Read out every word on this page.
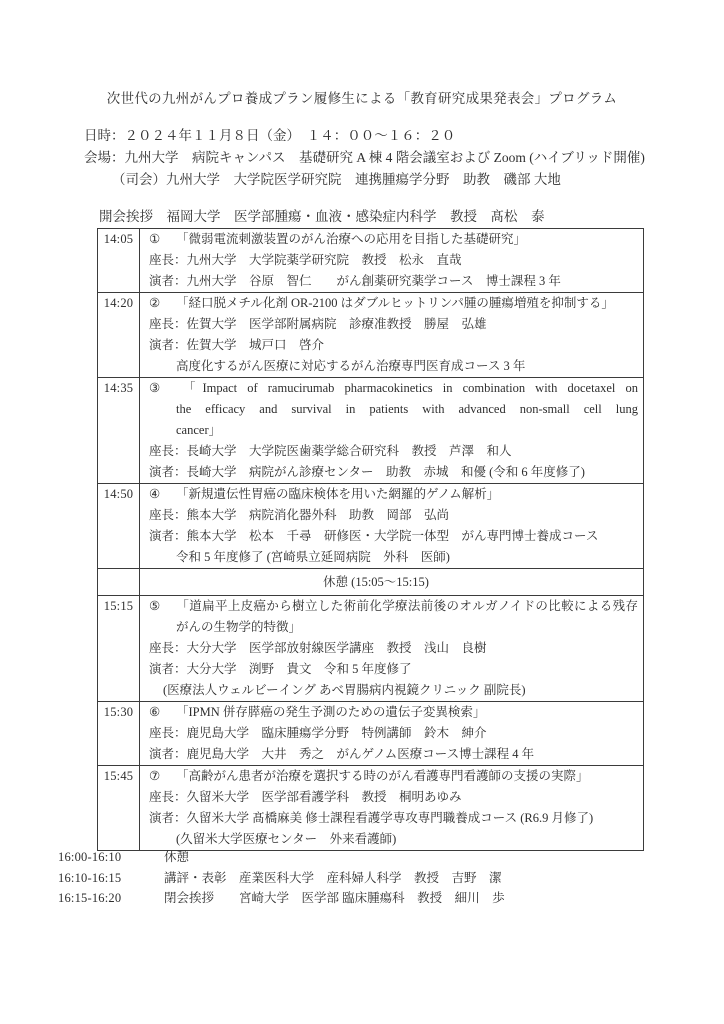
次世代の九州がんプロ養成プラン履修生による「教育研究成果発表会」プログラム
日時：２０２４年１１月８日（金）　１４：００～１６：２０
会場：九州大学　病院キャンパス　基礎研究 A 棟 4 階会議室および Zoom (ハイブリッド開催)
（司会）九州大学　大学院医学研究院　連携腫瘍学分野　助教　磯部 大地
開会挨拶　福岡大学　医学部腫瘍・血液・感染症内科学　教授　髙松　泰
14:05	① 「微弱電流刺激装置のがん治療への応用を目指した基礎研究」
座長：九州大学　大学院薬学研究院　教授　松永　直哉
演者：九州大学　谷原　智仁　　がん創薬研究薬学コース　博士課程 3 年
14:20	② 「経口脱メチル化剤 OR-2100 はダブルヒットリンパ腫の腫瘍増殖を抑制する」
座長：佐賀大学　医学部附属病院　診療准教授　勝屋　弘雄
演者：佐賀大学　城戸口　啓介
高度化するがん医療に対応するがん治療専門医育成コース 3 年
14:35	③ 「Impact of ramucirumab pharmacokinetics in combination with docetaxel on
the efficacy and survival in patients with advanced non-small cell lung
cancer」
座長：長崎大学　大学院医歯薬学総合研究科　教授　芦澤　和人
演者：長崎大学　病院がん診療センター　助教　赤城　和優 (令和 6 年度修了)
14:50	④ 「新規遺伝性胃癌の臨床検体を用いた網羅的ゲノム解析」
座長：熊本大学　病院消化器外科　助教　岡部　弘尚
演者：熊本大学　松本　千尋　研修医・大学院一体型　がん専門博士養成コース
令和 5 年度修了 (宮崎県立延岡病院　外科　医師)
休憩 (15:05～15:15)
15:15	⑤ 「道扁平上皮癌から樹立した術前化学療法前後のオルガノイドの比較による残存
がんの生物学的特徴」
座長：大分大学　医学部放射線医学講座　教授　浅山　良樹
演者：大分大学　渕野　貴文　令和 5 年度修了
(医療法人ウェルビーイング あべ胃腸病内視鏡クリニック 副院長)
15:30	⑥ 「IPMN 併存膵癌の発生予測のための遺伝子変異検索」
座長：鹿児島大学　臨床腫瘍学分野　特例講師　鈴木　紳介
演者：鹿児島大学　大井　秀之　がんゲノム医療コース博士課程 4 年
15:45	⑦ 「高齢がん患者が治療を選択する時のがん看護専門看護師の支援の実際」
座長：久留米大学　医学部看護学科　教授　桐明あゆみ
演者：久留米大学 髙橋麻美 修士課程看護学専攻専門職養成コース (R6.9 月修了)
(久留米大学医療センター　外来看護師)
16:00-16:10	休憩
16:10-16:15	講評・表彰　産業医科大学　産科婦人科学　教授　吉野　潔
16:15-16:20	閉会挨拶　　宮崎大学　医学部 臨床腫瘍科　教授　細川　歩
